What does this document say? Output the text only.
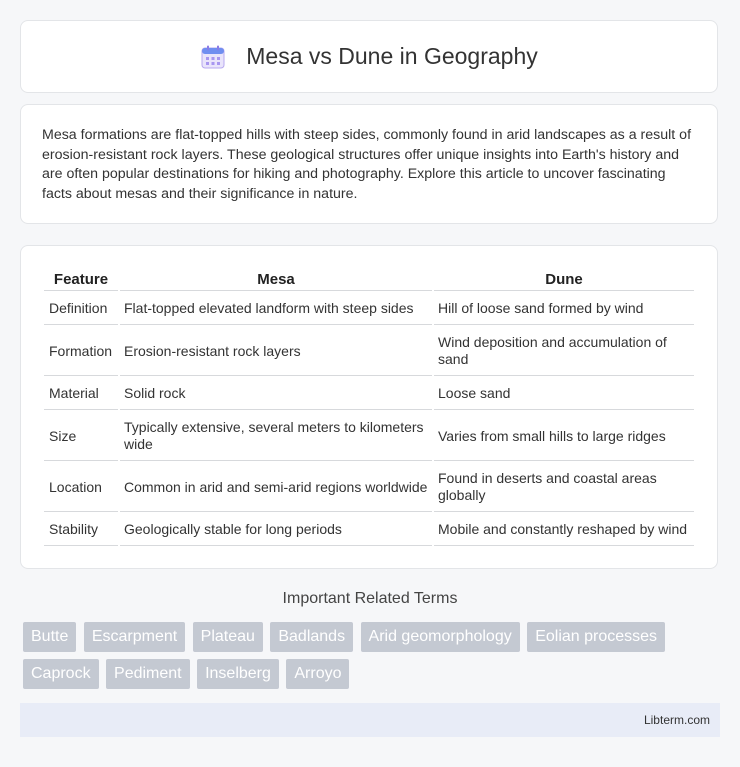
Mesa vs Dune in Geography

Mesa formations are flat-topped hills with steep sides, commonly found in arid landscapes as a result of erosion-resistant rock layers. These geological structures offer unique insights into Earth's history and are often popular destinations for hiking and photography. Explore this article to uncover fascinating facts about mesas and their significance in nature.

Feature	Mesa	Dune
Definition	Flat-topped elevated landform with steep sides	Hill of loose sand formed by wind
Formation	Erosion-resistant rock layers	Wind deposition and accumulation of sand
Material	Solid rock	Loose sand
Size	Typically extensive, several meters to kilometers wide	Varies from small hills to large ridges
Location	Common in arid and semi-arid regions worldwide	Found in deserts and coastal areas globally
Stability	Geologically stable for long periods	Mobile and constantly reshaped by wind
Important Related Terms
Butte Escarpment Plateau Badlands Arid geomorphology Eolian processes Caprock Pediment Inselberg Arroyo
Libterm.com
